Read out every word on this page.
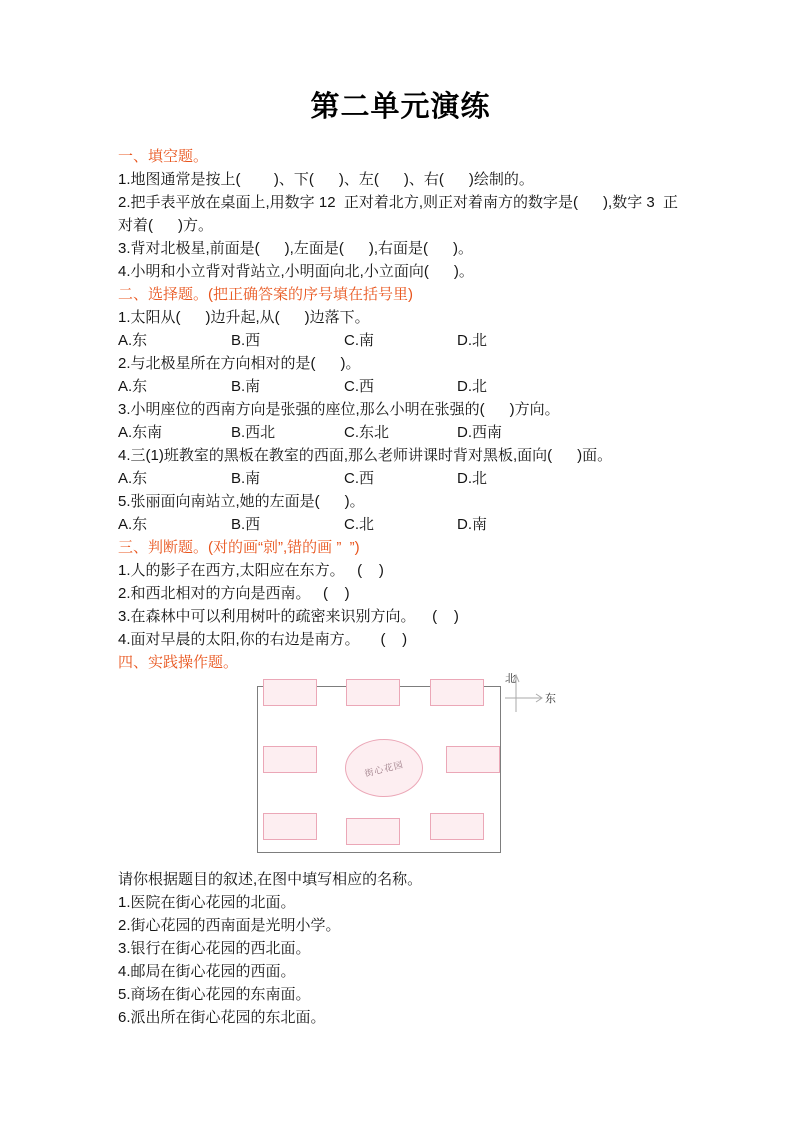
第二单元演练
一、填空题。
1.地图通常是按上(        )、下(      )、左(      )、右(      )绘制的。
2.把手表平放在桌面上,用数字 12  正对着北方,则正对着南方的数字是(      ),数字 3  正对着(      )方。
3.背对北极星,前面是(      ),左面是(      ),右面是(      )。
4.小明和小立背对背站立,小明面向北,小立面向(      )。
二、选择题。(把正确答案的序号填在括号里)
1.太阳从(      )边升起,从(      )边落下。
A.东	B.西	C.南	D.北
2.与北极星所在方向相对的是(      )。
A.东	B.南	C.西	D.北
3.小明座位的西南方向是张强的座位,那么小明在张强的(      )方向。
A.东南	B.西北	C.东北	D.西南
4.三(1)班教室的黑板在教室的西面,那么老师讲课时背对黑板,面向(      )面。
A.东	B.南	C.西	D.北
5.张丽面向南站立,她的左面是(      )。
A.东	B.西	C.北	D.南
三、判断题。(对的画“剠”,错的画 ”  ”)
1.人的影子在西方,太阳应在东方。   (    )
2.和西北相对的方向是西南。   (    )
3.在森林中可以利用树叶的疏密来识别方向。    (    )
4.面对早晨的太阳,你的右边是南方。     (    )
四、实践操作题。
街心花园
北
东
请你根据题目的叙述,在图中填写相应的名称。
1.医院在街心花园的北面。
2.街心花园的西南面是光明小学。
3.银行在街心花园的西北面。
4.邮局在街心花园的西面。
5.商场在街心花园的东南面。
6.派出所在街心花园的东北面。
